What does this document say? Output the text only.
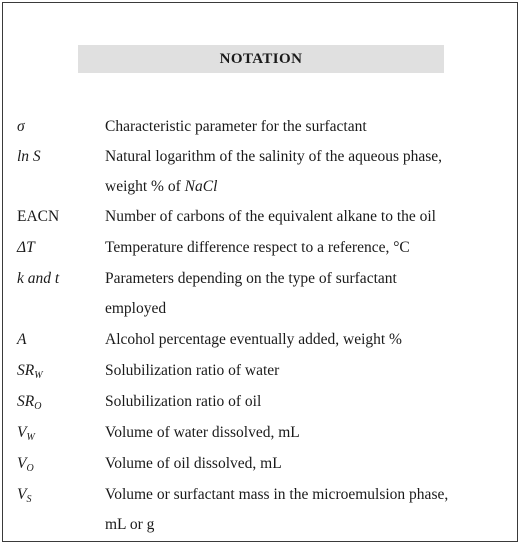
NOTATION
σ	Characteristic parameter for the surfactant
ln S	Natural logarithm of the salinity of the aqueous phase,
weight % of NaCl
EACN	Number of carbons of the equivalent alkane to the oil
ΔT	Temperature difference respect to a reference, °C
k and t	Parameters depending on the type of surfactant
employed
A	Alcohol percentage eventually added, weight %
$SR_W$	Solubilization ratio of water
$SR_O$	Solubilization ratio of oil
$V_W$	Volume of water dissolved, mL
$V_O$	Volume of oil dissolved, mL
$V_S$	Volume or surfactant mass in the microemulsion phase,
mL or g
